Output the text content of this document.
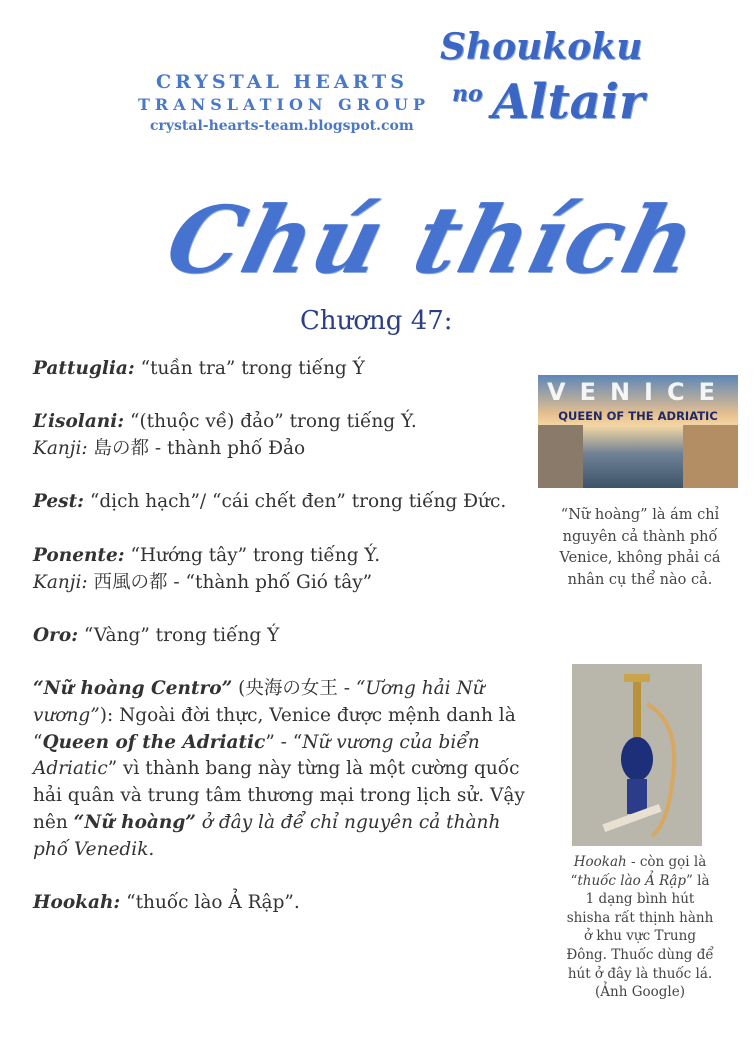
CRYSTAL HEARTS
TRANSLATION GROUP
crystal-hearts-team.blogspot.com
Shoukoku
no Altair
Chú thích
Chương 47:

Pattuglia: “tuần tra” trong tiếng Ý

L’isolani: “(thuộc về) đảo” trong tiếng Ý.
Kanji: 島の都 - thành phố Đảo

Pest: “dịch hạch”/ “cái chết đen” trong tiếng Đức.

Ponente: “Hướng tây” trong tiếng Ý.
Kanji: 西風の都 - “thành phố Gió tây”

Oro: “Vàng” trong tiếng Ý

“Nữ hoàng Centro” (央海の女王 - “Ương hải Nữ vương”): Ngoài đời thực, Venice được mệnh danh là “Queen of the Adriatic” - “Nữ vương của biển Adriatic” vì thành bang này từng là một cường quốc hải quân và trung tâm thương mại trong lịch sử. Vậy nên “Nữ hoàng” ở đây là để chỉ nguyên cả thành phố Venedik.

Hookah: “thuốc lào Ả Rập”.

VENICE
QUEEN OF THE ADRIATIC
“Nữ hoàng” là ám chỉ nguyên cả thành phố Venice, không phải cá nhân cụ thể nào cả.
Hookah - còn gọi là “thuốc lào Ả Rập” là 1 dạng bình hút shisha rất thịnh hành ở khu vực Trung Đông. Thuốc dùng để hút ở đây là thuốc lá. (Ảnh Google)
